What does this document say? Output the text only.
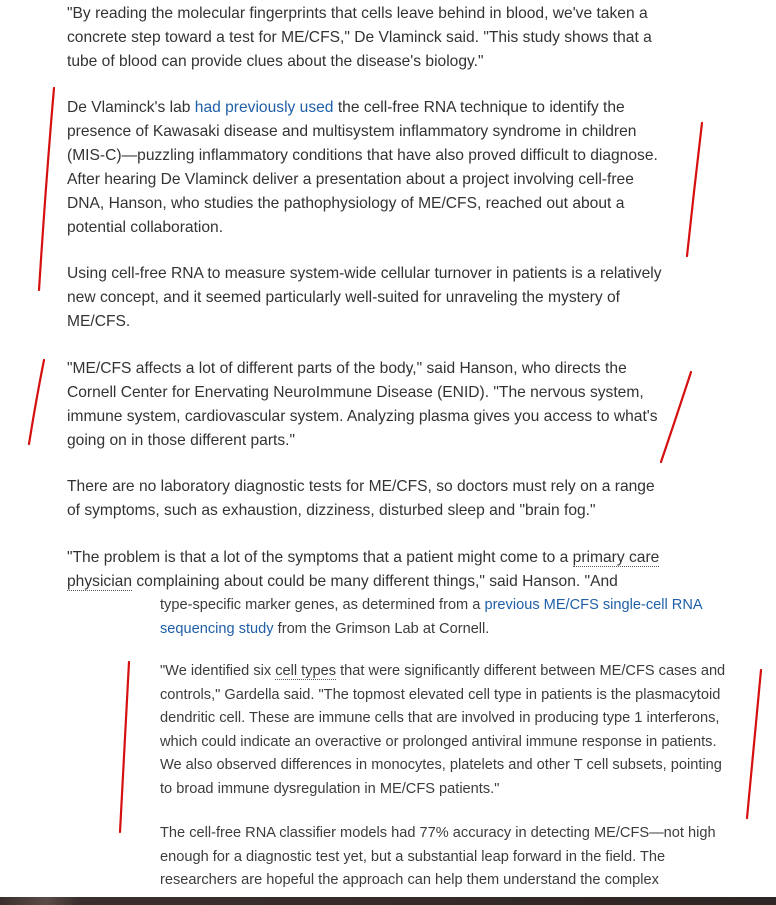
"By reading the molecular fingerprints that cells leave behind in blood, we've taken a concrete step toward a test for ME/CFS," De Vlaminck said. "This study shows that a tube of blood can provide clues about the disease's biology."

De Vlaminck's lab had previously used the cell-free RNA technique to identify the presence of Kawasaki disease and multisystem inflammatory syndrome in children (MIS-C)—puzzling inflammatory conditions that have also proved difficult to diagnose. After hearing De Vlaminck deliver a presentation about a project involving cell-free DNA, Hanson, who studies the pathophysiology of ME/CFS, reached out about a potential collaboration.

Using cell-free RNA to measure system-wide cellular turnover in patients is a relatively new concept, and it seemed particularly well-suited for unraveling the mystery of ME/CFS.

"ME/CFS affects a lot of different parts of the body," said Hanson, who directs the Cornell Center for Enervating NeuroImmune Disease (ENID). "The nervous system, immune system, cardiovascular system. Analyzing plasma gives you access to what's going on in those different parts."

There are no laboratory diagnostic tests for ME/CFS, so doctors must rely on a range of symptoms, such as exhaustion, dizziness, disturbed sleep and "brain fog."

"The problem is that a lot of the symptoms that a patient might come to a primary care physician complaining about could be many different things," said Hanson. "And

type-specific marker genes, as determined from a previous ME/CFS single-cell RNA sequencing study from the Grimson Lab at Cornell.

"We identified six cell types that were significantly different between ME/CFS cases and controls," Gardella said. "The topmost elevated cell type in patients is the plasmacytoid dendritic cell. These are immune cells that are involved in producing type 1 interferons, which could indicate an overactive or prolonged antiviral immune response in patients. We also observed differences in monocytes, platelets and other T cell subsets, pointing to broad immune dysregulation in ME/CFS patients."

The cell-free RNA classifier models had 77% accuracy in detecting ME/CFS—not high enough for a diagnostic test yet, but a substantial leap forward in the field. The researchers are hopeful the approach can help them understand the complex
